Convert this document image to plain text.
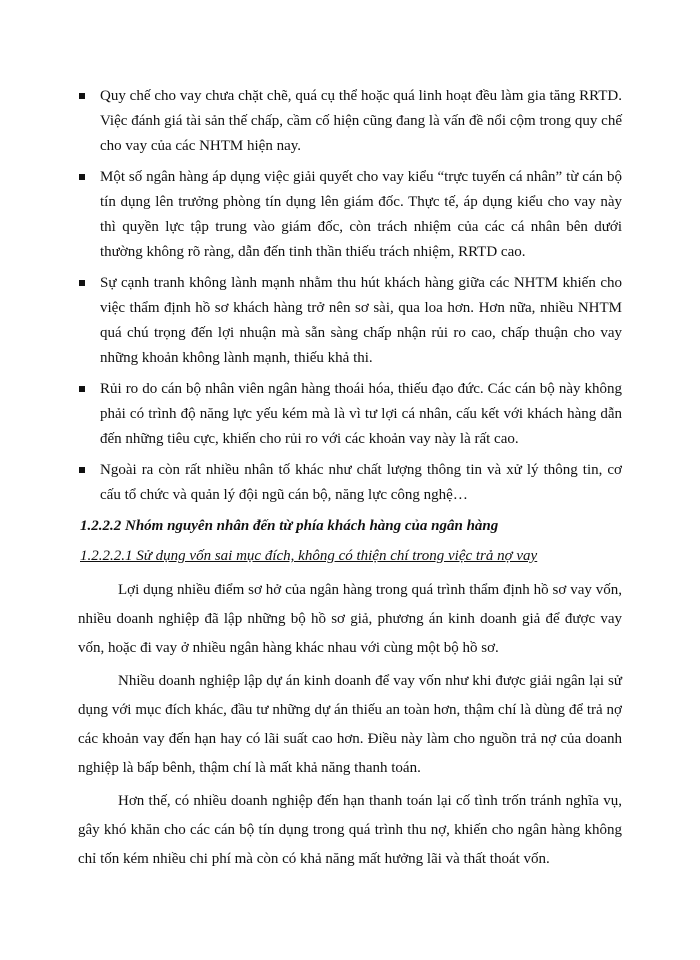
Quy chế cho vay chưa chặt chẽ, quá cụ thể hoặc quá linh hoạt đều làm gia tăng RRTD. Việc đánh giá tài sản thế chấp, cầm cố hiện cũng đang là vấn đề nổi cộm trong quy chế cho vay của các NHTM hiện nay.
Một số ngân hàng áp dụng việc giải quyết cho vay kiểu “trực tuyến cá nhân” từ cán bộ tín dụng lên trưởng phòng tín dụng lên giám đốc. Thực tế, áp dụng kiểu cho vay này thì quyền lực tập trung vào giám đốc, còn trách nhiệm của các cá nhân bên dưới thường không rõ ràng, dẫn đến tinh thần thiếu trách nhiệm, RRTD cao.
Sự cạnh tranh không lành mạnh nhằm thu hút khách hàng giữa các NHTM khiến cho việc thẩm định hồ sơ khách hàng trở nên sơ sài, qua loa hơn. Hơn nữa, nhiều NHTM quá chú trọng đến lợi nhuận mà sẵn sàng chấp nhận rủi ro cao, chấp thuận cho vay những khoản không lành mạnh, thiếu khả thi.
Rủi ro do cán bộ nhân viên ngân hàng thoái hóa, thiếu đạo đức. Các cán bộ này không phải có trình độ năng lực yếu kém mà là vì tư lợi cá nhân, cấu kết với khách hàng dẫn đến những tiêu cực, khiến cho rủi ro với các khoản vay này là rất cao.
Ngoài ra còn rất nhiều nhân tố khác như chất lượng thông tin và xử lý thông tin, cơ cấu tổ chức và quản lý đội ngũ cán bộ, năng lực công nghệ…
1.2.2.2 Nhóm nguyên nhân đến từ phía khách hàng của ngân hàng
1.2.2.2.1 Sử dụng vốn sai mục đích, không có thiện chí trong việc trả nợ vay

Lợi dụng nhiều điểm sơ hở của ngân hàng trong quá trình thẩm định hồ sơ vay vốn, nhiều doanh nghiệp đã lập những bộ hồ sơ giả, phương án kinh doanh giả để được vay vốn, hoặc đi vay ở nhiều ngân hàng khác nhau với cùng một bộ hồ sơ.

Nhiều doanh nghiệp lập dự án kinh doanh để vay vốn như khi được giải ngân lại sử dụng với mục đích khác, đầu tư những dự án thiếu an toàn hơn, thậm chí là dùng để trả nợ các khoản vay đến hạn hay có lãi suất cao hơn. Điều này làm cho nguồn trả nợ của doanh nghiệp là bấp bênh, thậm chí là mất khả năng thanh toán.

Hơn thế, có nhiều doanh nghiệp đến hạn thanh toán lại cố tình trốn tránh nghĩa vụ, gây khó khăn cho các cán bộ tín dụng trong quá trình thu nợ, khiến cho ngân hàng không chỉ tốn kém nhiều chi phí mà còn có khả năng mất hưởng lãi và thất thoát vốn.
